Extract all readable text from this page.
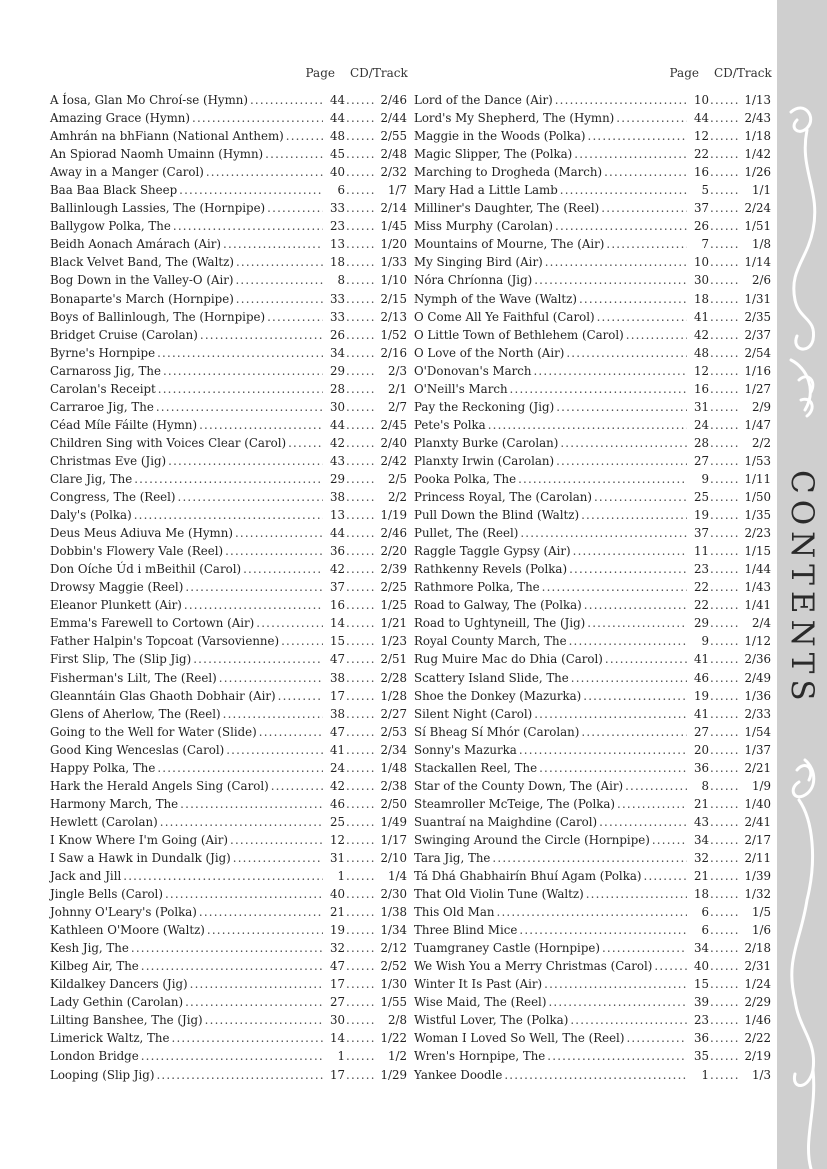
Page CD/Track
A Íosa, Glan Mo Chroí-se (Hymn) .....	44 .....	2/46
Amazing Grace (Hymn) .....	44 .....	2/44
Amhrán na bhFiann (National Anthem) .....	48 .....	2/55
An Spiorad Naomh Umainn (Hymn) .....	45 .....	2/48
Away in a Manger (Carol) .....	40 .....	2/32
Baa Baa Black Sheep .....	6 .....	1/7
Ballinlough Lassies, The (Hornpipe) .....	33 .....	2/14
Ballygow Polka, The .....	23 .....	1/45
Beidh Aonach Amárach (Air) .....	13 .....	1/20
Black Velvet Band, The (Waltz) .....	18 .....	1/33
Bog Down in the Valley-O (Air) .....	8 .....	1/10
Bonaparte's March (Hornpipe) .....	33 .....	2/15
Boys of Ballinlough, The (Hornpipe) .....	33 .....	2/13
Bridget Cruise (Carolan) .....	26 .....	1/52
Byrne's Hornpipe .....	34 .....	2/16
Carnaross Jig, The .....	29 .....	2/3
Carolan's Receipt .....	28 .....	2/1
Carraroe Jig, The .....	30 .....	2/7
Céad Míle Fáilte (Hymn) .....	44 .....	2/45
Children Sing with Voices Clear (Carol) .....	42 .....	2/40
Christmas Eve (Jig) .....	43 .....	2/42
Clare Jig, The .....	29 .....	2/5
Congress, The (Reel) .....	38 .....	2/2
Daly's (Polka) .....	13 .....	1/19
Deus Meus Adiuva Me (Hymn) .....	44 .....	2/46
Dobbin's Flowery Vale (Reel) .....	36 .....	2/20
Don Oíche Úd i mBeithil (Carol) .....	42 .....	2/39
Drowsy Maggie (Reel) .....	37 .....	2/25
Eleanor Plunkett (Air) .....	16 .....	1/25
Emma's Farewell to Cortown (Air) .....	14 .....	1/21
Father Halpin's Topcoat (Varsovienne) .....	15 .....	1/23
First Slip, The (Slip Jig) .....	47 .....	2/51
Fisherman's Lilt, The (Reel) .....	38 .....	2/28
Gleanntáin Glas Ghaoth Dobhair (Air) .....	17 .....	1/28
Glens of Aherlow, The (Reel) .....	38 .....	2/27
Going to the Well for Water (Slide) .....	47 .....	2/53
Good King Wenceslas (Carol) .....	41 .....	2/34
Happy Polka, The .....	24 .....	1/48
Hark the Herald Angels Sing (Carol) .....	42 .....	2/38
Harmony March, The .....	46 .....	2/50
Hewlett (Carolan) .....	25 .....	1/49
I Know Where I'm Going (Air) .....	12 .....	1/17
I Saw a Hawk in Dundalk (Jig) .....	31 .....	2/10
Jack and Jill .....	1 .....	1/4
Jingle Bells (Carol) .....	40 .....	2/30
Johnny O'Leary's (Polka) .....	21 .....	1/38
Kathleen O'Moore (Waltz) .....	19 .....	1/34
Kesh Jig, The .....	32 .....	2/12
Kilbeg Air, The .....	47 .....	2/52
Kildalkey Dancers (Jig) .....	17 .....	1/30
Lady Gethin (Carolan) .....	27 .....	1/55
Lilting Banshee, The (Jig) .....	30 .....	2/8
Limerick Waltz, The .....	14 .....	1/22
London Bridge .....	1 .....	1/2
Looping (Slip Jig) .....	17 .....	1/29
Page CD/Track
Lord of the Dance (Air) .....	10 .....	1/13
Lord's My Shepherd, The (Hymn) .....	44 .....	2/43
Maggie in the Woods (Polka) .....	12 .....	1/18
Magic Slipper, The (Polka) .....	22 .....	1/42
Marching to Drogheda (March) .....	16 .....	1/26
Mary Had a Little Lamb .....	5 .....	1/1
Milliner's Daughter, The (Reel) .....	37 .....	2/24
Miss Murphy (Carolan) .....	26 .....	1/51
Mountains of Mourne, The (Air) .....	7 .....	1/8
My Singing Bird (Air) .....	10 .....	1/14
Nóra Chríonna (Jig) .....	30 .....	2/6
Nymph of the Wave (Waltz) .....	18 .....	1/31
O Come All Ye Faithful (Carol) .....	41 .....	2/35
O Little Town of Bethlehem (Carol) .....	42 .....	2/37
O Love of the North (Air) .....	48 .....	2/54
O'Donovan's March .....	12 .....	1/16
O'Neill's March .....	16 .....	1/27
Pay the Reckoning (Jig) .....	31 .....	2/9
Pete's Polka .....	24 .....	1/47
Planxty Burke (Carolan) .....	28 .....	2/2
Planxty Irwin (Carolan) .....	27 .....	1/53
Pooka Polka, The .....	9 .....	1/11
Princess Royal, The (Carolan) .....	25 .....	1/50
Pull Down the Blind (Waltz) .....	19 .....	1/35
Pullet, The (Reel) .....	37 .....	2/23
Raggle Taggle Gypsy (Air) .....	11 .....	1/15
Rathkenny Revels (Polka) .....	23 .....	1/44
Rathmore Polka, The .....	22 .....	1/43
Road to Galway, The (Polka) .....	22 .....	1/41
Road to Ughtyneill, The (Jig) .....	29 .....	2/4
Royal County March, The .....	9 .....	1/12
Rug Muire Mac do Dhia (Carol) .....	41 .....	2/36
Scattery Island Slide, The .....	46 .....	2/49
Shoe the Donkey (Mazurka) .....	19 .....	1/36
Silent Night (Carol) .....	41 .....	2/33
Sí Bheag Sí Mhór (Carolan) .....	27 .....	1/54
Sonny's Mazurka .....	20 .....	1/37
Stackallen Reel, The .....	36 .....	2/21
Star of the County Down, The (Air) .....	8 .....	1/9
Steamroller McTeige, The (Polka) .....	21 .....	1/40
Suantraí na Maighdine (Carol) .....	43 .....	2/41
Swinging Around the Circle (Hornpipe) .....	34 .....	2/17
Tara Jig, The .....	32 .....	2/11
Tá Dhá Ghabhairín Bhuí Agam (Polka) .....	21 .....	1/39
That Old Violin Tune (Waltz) .....	18 .....	1/32
This Old Man .....	6 .....	1/5
Three Blind Mice .....	6 .....	1/6
Tuamgraney Castle (Hornpipe) .....	34 .....	2/18
We Wish You a Merry Christmas (Carol) .....	40 .....	2/31
Winter It Is Past (Air) .....	15 .....	1/24
Wise Maid, The (Reel) .....	39 .....	2/29
Wistful Lover, The (Polka) .....	23 .....	1/46
Woman I Loved So Well, The (Reel) .....	36 .....	2/22
Wren's Hornpipe, The .....	35 .....	2/19
Yankee Doodle .....	1 .....	1/3
CONTENTS
